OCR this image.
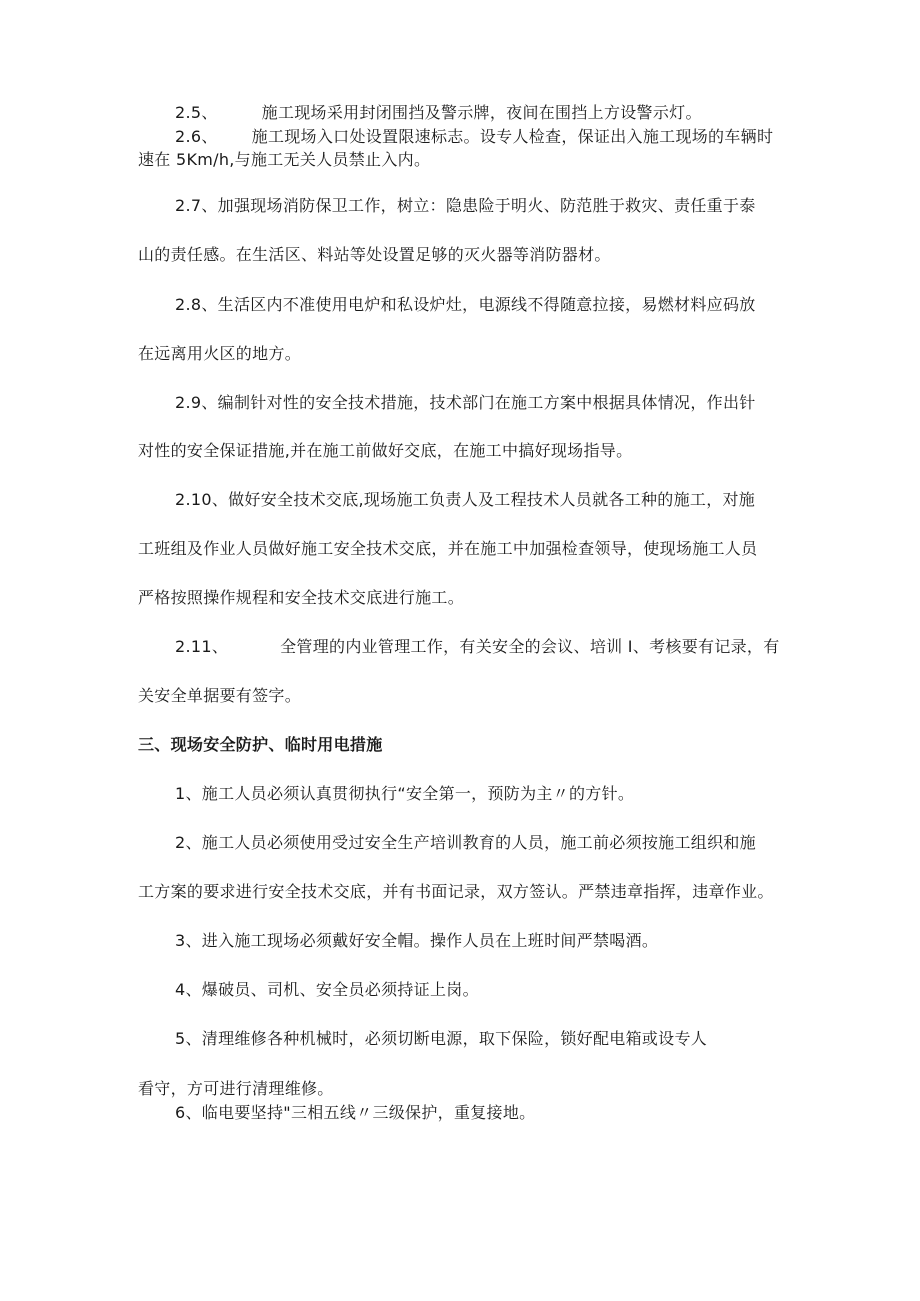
2.5、	施工现场采用封闭围挡及警示牌，夜间在围挡上方设警示灯。
2.6、 施工现场入口处设置限速标志。设专人检查，保证出入施工现场的车辆时
速在 5Km/h,与施工无关人员禁止入内。
2.7、加强现场消防保卫工作，树立：隐患险于明火、防范胜于救灾、责任重于泰
山的责任感。在生活区、料站等处设置足够的灭火器等消防器材。
2.8、生活区内不准使用电炉和私设炉灶，电源线不得随意拉接，易燃材料应码放
在远离用火区的地方。
2.9、编制针对性的安全技术措施，技术部门在施工方案中根据具体情况，作出针
对性的安全保证措施,并在施工前做好交底，在施工中搞好现场指导。
2.10、做好安全技术交底,现场施工负责人及工程技术人员就各工种的施工，对施
工班组及作业人员做好施工安全技术交底，并在施工中加强检查领导，使现场施工人员
严格按照操作规程和安全技术交底进行施工。
2.11、	全管理的内业管理工作，有关安全的会议、培训 I、考核要有记录，有
关安全单据要有签字。
三、现场安全防护、临时用电措施
1、施工人员必须认真贯彻执行“安全第一，预防为主〃的方针。
2、施工人员必须使用受过安全生产培训教育的人员，施工前必须按施工组织和施
工方案的要求进行安全技术交底，并有书面记录，双方签认。严禁违章指挥，违章作业。
3、进入施工现场必须戴好安全帽。操作人员在上班时间严禁喝酒。
4、爆破员、司机、安全员必须持证上岗。
5、清理维修各种机械时，必须切断电源，取下保险，锁好配电箱或设专人
看守，方可进行清理维修。
6、临电要坚持"三相五线〃三级保护，重复接地。
